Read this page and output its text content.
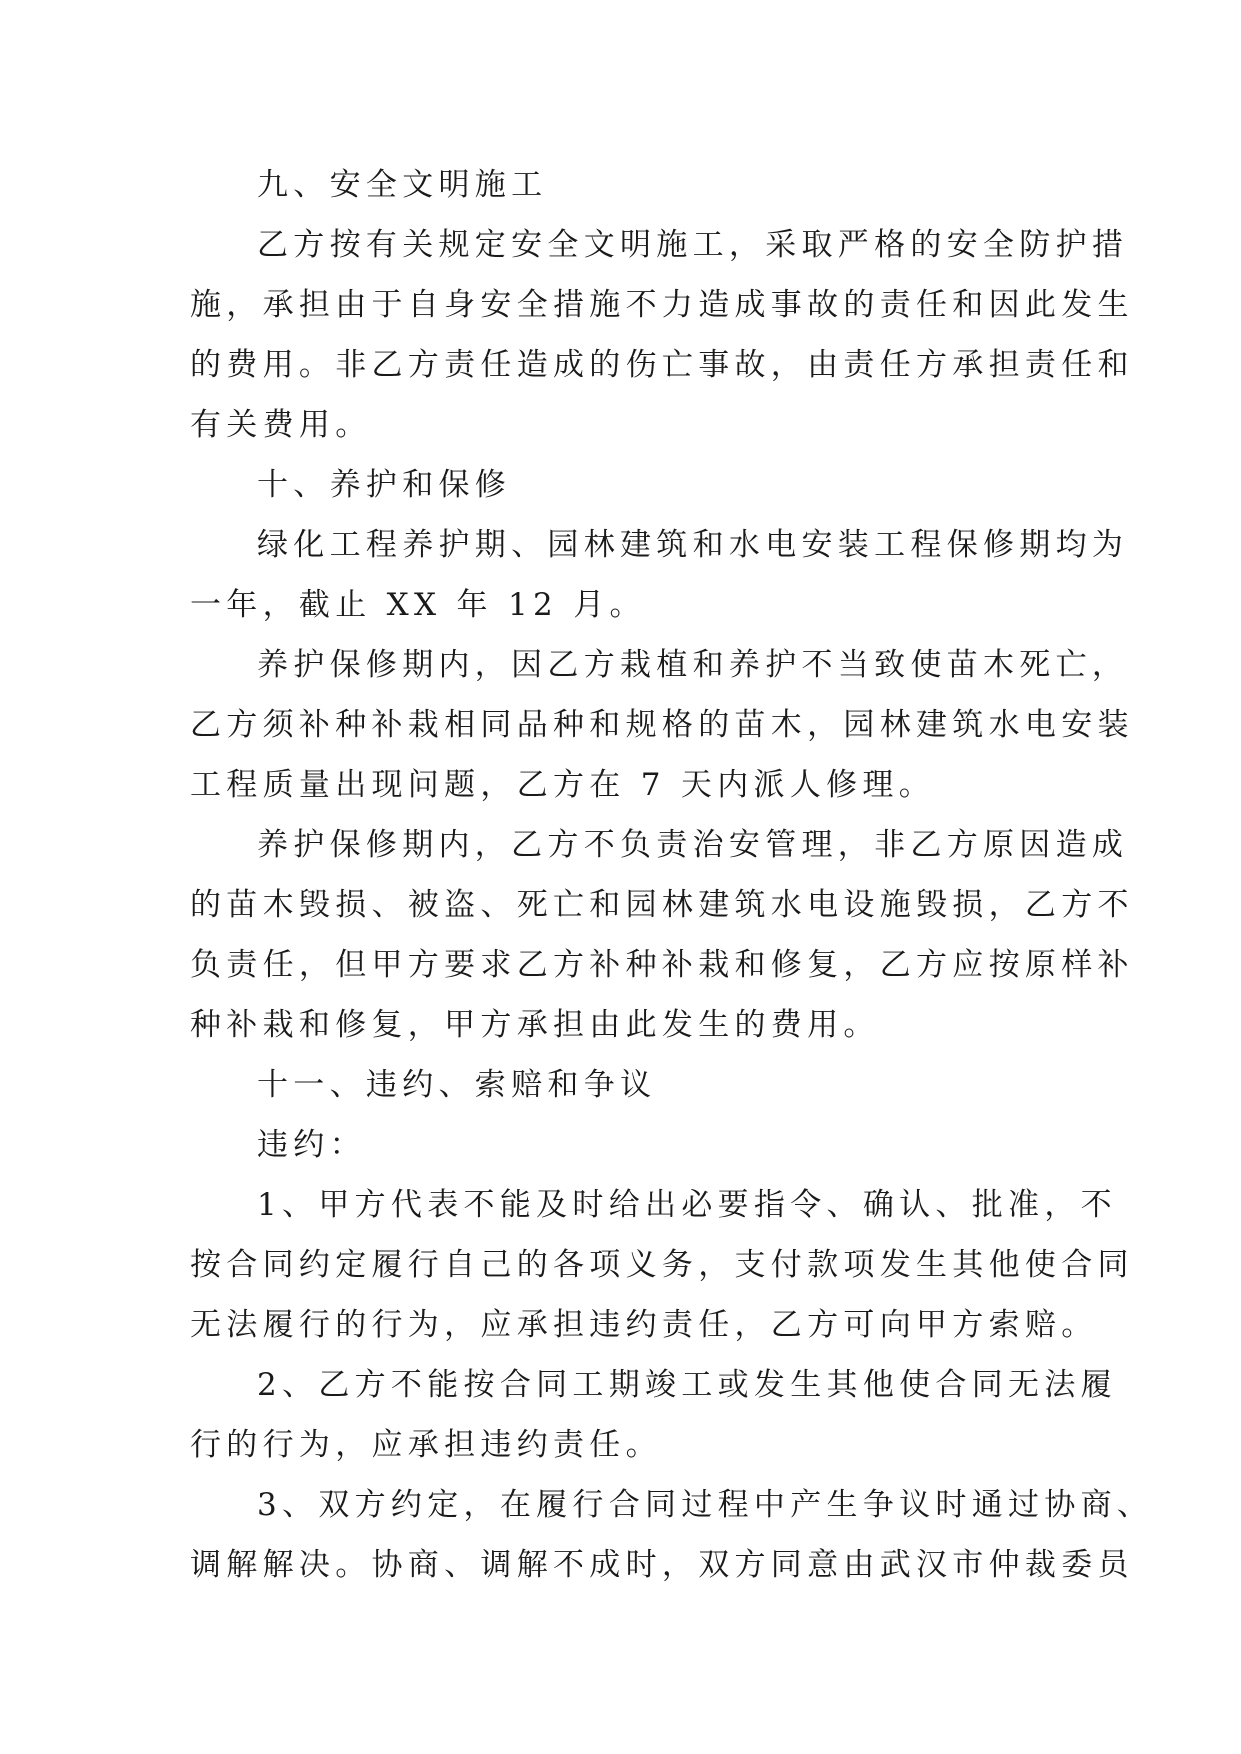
九、安全文明施工
乙方按有关规定安全文明施工，采取严格的安全防护措
施，承担由于自身安全措施不力造成事故的责任和因此发生
的费用。非乙方责任造成的伤亡事故，由责任方承担责任和
有关费用。
十、养护和保修
绿化工程养护期、园林建筑和水电安装工程保修期均为
一年，截止 XX 年 12 月。
养护保修期内，因乙方栽植和养护不当致使苗木死亡，
乙方须补种补栽相同品种和规格的苗木，园林建筑水电安装
工程质量出现问题，乙方在 7 天内派人修理。
养护保修期内，乙方不负责治安管理，非乙方原因造成
的苗木毁损、被盗、死亡和园林建筑水电设施毁损，乙方不
负责任，但甲方要求乙方补种补栽和修复，乙方应按原样补
种补栽和修复，甲方承担由此发生的费用。
十一、违约、索赔和争议
违约：
1、甲方代表不能及时给出必要指令、确认、批准，不
按合同约定履行自己的各项义务，支付款项发生其他使合同
无法履行的行为，应承担违约责任，乙方可向甲方索赔。
2、乙方不能按合同工期竣工或发生其他使合同无法履
行的行为，应承担违约责任。
3、双方约定，在履行合同过程中产生争议时通过协商、
调解解决。协商、调解不成时，双方同意由武汉市仲裁委员
